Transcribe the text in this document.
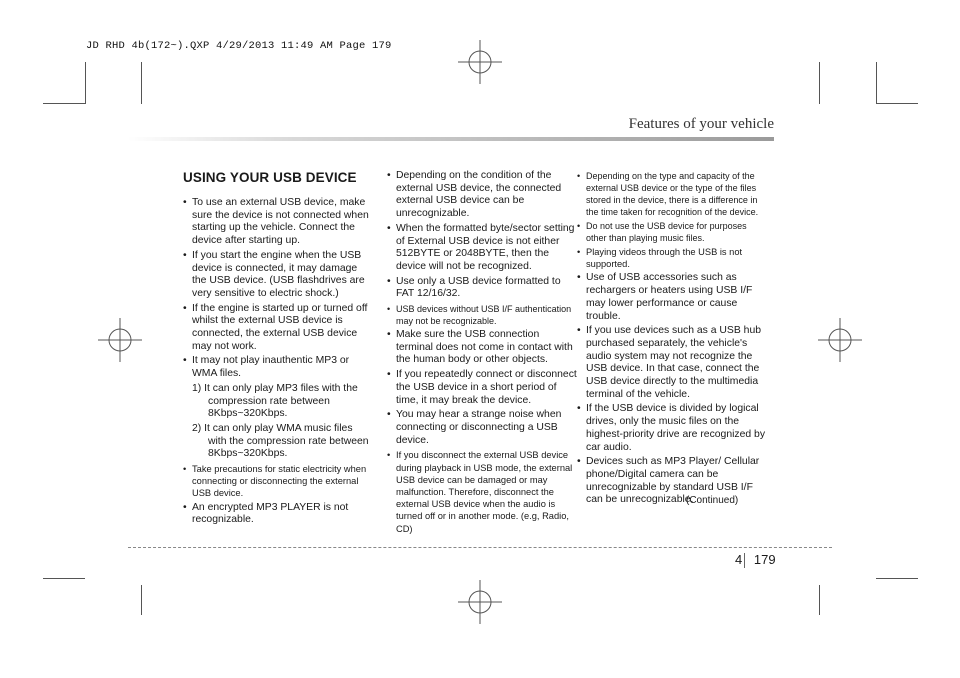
JD RHD 4b(172~).QXP 4/29/2013 11:49 AM Page 179
Features of your vehicle
USING YOUR USB DEVICE
• To use an external USB device, make sure the device is not connected when starting up the vehicle. Connect the device after starting up.
• If you start the engine when the USB device is connected, it may damage the USB device. (USB flashdrives are very sensitive to electric shock.)
• If the engine is started up or turned off whilst the external USB device is connected, the external USB device may not work.
• It may not play inauthentic MP3 or WMA files.
1) It can only play MP3 files with the compression rate between 8Kbps~320Kbps.
2) It can only play WMA music files with the compression rate between 8Kbps~320Kbps.
• Take precautions for static electricity when connecting or disconnecting the external USB device.
• An encrypted MP3 PLAYER is not recognizable.
• Depending on the condition of the external USB device, the connected external USB device can be unrecognizable.
• When the formatted byte/sector setting of External USB device is not either 512BYTE or 2048BYTE, then the device will not be recognized.
• Use only a USB device formatted to FAT 12/16/32.
• USB devices without USB I/F authentication may not be recognizable.
• Make sure the USB connection terminal does not come in contact with the human body or other objects.
• If you repeatedly connect or disconnect the USB device in a short period of time, it may break the device.
• You may hear a strange noise when connecting or disconnecting a USB device.
• If you disconnect the external USB device during playback in USB mode, the external USB device can be damaged or may malfunction. Therefore, disconnect the external USB device when the audio is turned off or in another mode. (e.g, Radio, CD)
• Depending on the type and capacity of the external USB device or the type of the files stored in the device, there is a difference in the time taken for recognition of the device.
• Do not use the USB device for purposes other than playing music files.
• Playing videos through the USB is not supported.
• Use of USB accessories such as rechargers or heaters using USB I/F may lower performance or cause trouble.
• If you use devices such as a USB hub purchased separately, the vehicle's audio system may not recognize the USB device. In that case, connect the USB device directly to the multimedia terminal of the vehicle.
• If the USB device is divided by logical drives, only the music files on the highest-priority drive are recognized by car audio.
• Devices such as MP3 Player/ Cellular phone/Digital camera can be unrecognizable by standard USB I/F can be unrecognizable.
(Continued)
4 179
